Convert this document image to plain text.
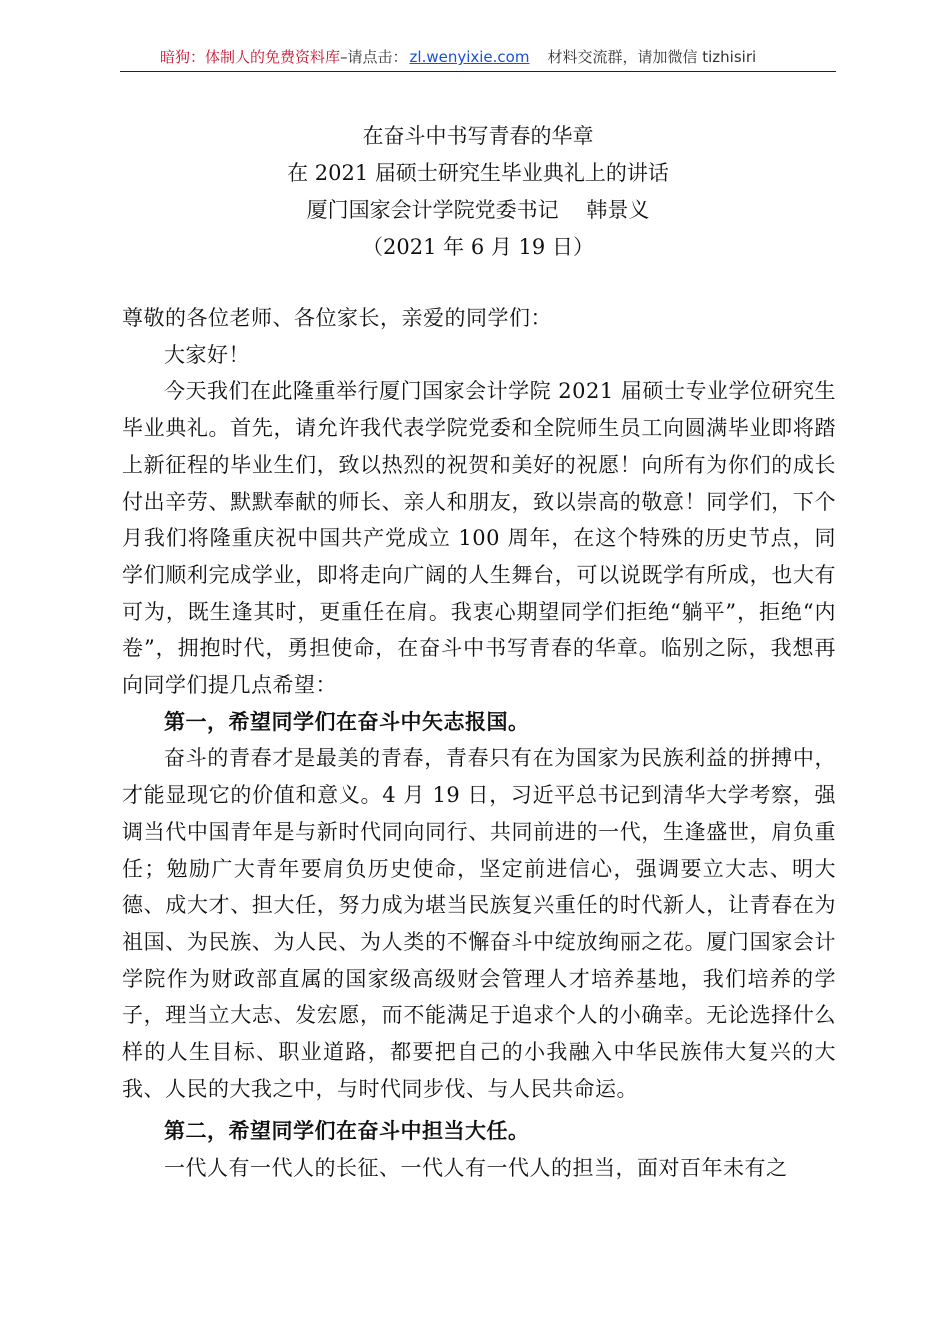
暗狗：体制人的免费资料库–请点击： zl.wenyixie.com 材料交流群，请加微信 tizhisiri
在奋斗中书写青春的华章
在 2021 届硕士研究生毕业典礼上的讲话
厦门国家会计学院党委书记　 韩景义
（2021 年 6 月 19 日）

尊敬的各位老师、各位家长，亲爱的同学们：

大家好！

今天我们在此隆重举行厦门国家会计学院 2021 届硕士专业学位研究生毕业典礼。首先，请允许我代表学院党委和全院师生员工向圆满毕业即将踏上新征程的毕业生们，致以热烈的祝贺和美好的祝愿！向所有为你们的成长付出辛劳、默默奉献的师长、亲人和朋友，致以崇高的敬意！同学们，下个月我们将隆重庆祝中国共产党成立 100 周年，在这个特殊的历史节点，同学们顺利完成学业，即将走向广阔的人生舞台，可以说既学有所成，也大有可为，既生逢其时，更重任在肩。我衷心期望同学们拒绝“躺平”，拒绝“内卷”，拥抱时代，勇担使命，在奋斗中书写青春的华章。临别之际，我想再向同学们提几点希望：

第一，希望同学们在奋斗中矢志报国。

奋斗的青春才是最美的青春，青春只有在为国家为民族利益的拼搏中，才能显现它的价值和意义。4 月 19 日，习近平总书记到清华大学考察，强调当代中国青年是与新时代同向同行、共同前进的一代，生逢盛世，肩负重任；勉励广大青年要肩负历史使命，坚定前进信心，强调要立大志、明大德、成大才、担大任，努力成为堪当民族复兴重任的时代新人，让青春在为祖国、为民族、为人民、为人类的不懈奋斗中绽放绚丽之花。厦门国家会计学院作为财政部直属的国家级高级财会管理人才培养基地，我们培养的学子，理当立大志、发宏愿，而不能满足于追求个人的小确幸。无论选择什么样的人生目标、职业道路，都要把自己的小我融入中华民族伟大复兴的大我、人民的大我之中，与时代同步伐、与人民共命运。

第二，希望同学们在奋斗中担当大任。

一代人有一代人的长征、一代人有一代人的担当，面对百年未有之
